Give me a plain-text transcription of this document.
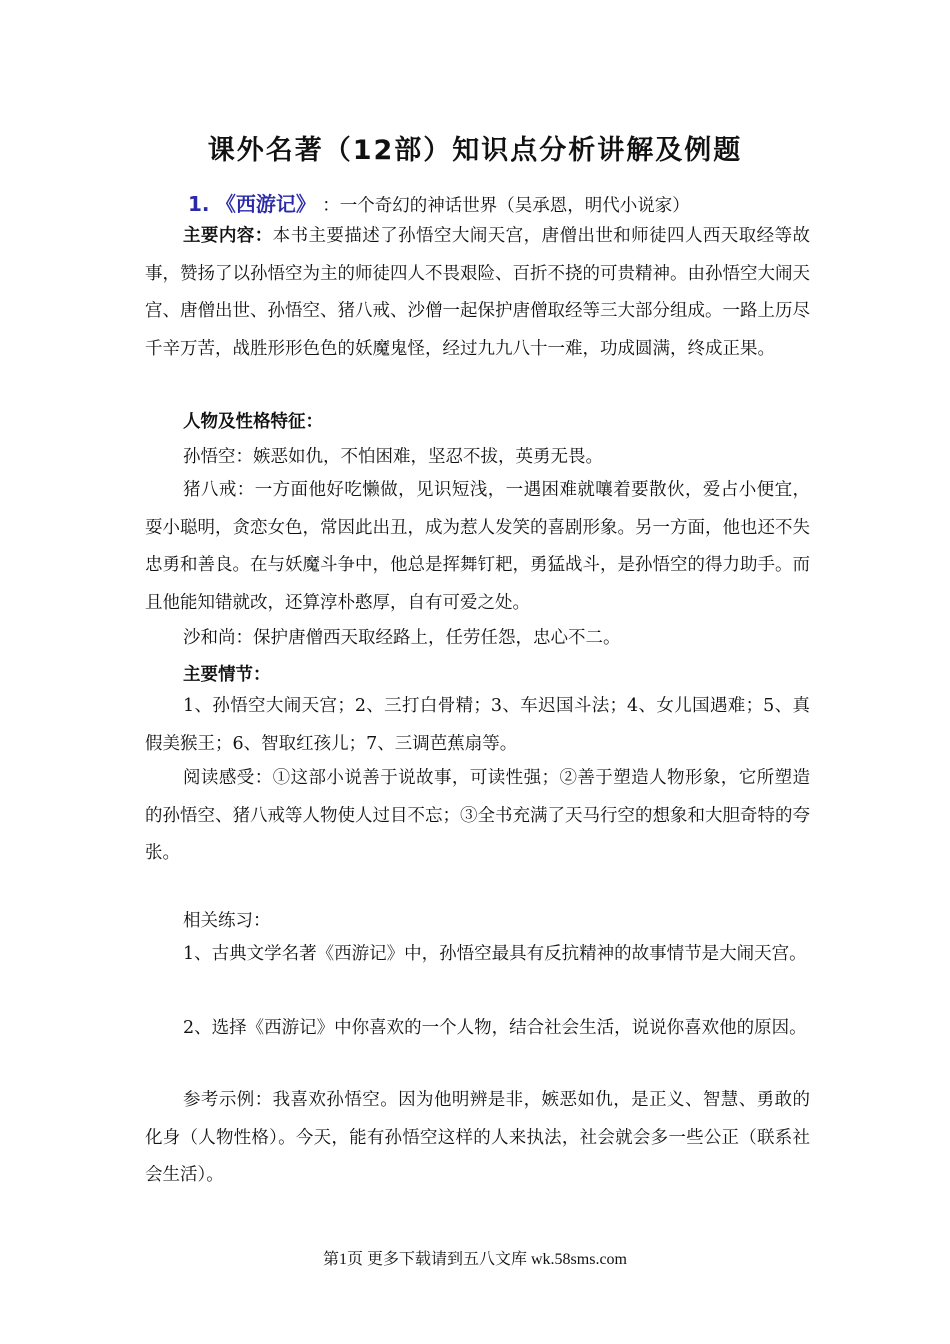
课外名著（12部）知识点分析讲解及例题
1. 《西游记》 ：一个奇幻的神话世界（吴承恩，明代小说家）
主要内容：本书主要描述了孙悟空大闹天宫，唐僧出世和师徒四人西天取经等故事，赞扬了以孙悟空为主的师徒四人不畏艰险、百折不挠的可贵精神。由孙悟空大闹天宫、唐僧出世、孙悟空、猪八戒、沙僧一起保护唐僧取经等三大部分组成。一路上历尽千辛万苦，战胜形形色色的妖魔鬼怪，经过九九八十一难，功成圆满，终成正果。
人物及性格特征：
孙悟空：嫉恶如仇，不怕困难，坚忍不拔，英勇无畏。
猪八戒：一方面他好吃懒做，见识短浅，一遇困难就嚷着要散伙，爱占小便宜，耍小聪明，贪恋女色，常因此出丑，成为惹人发笑的喜剧形象。另一方面，他也还不失忠勇和善良。在与妖魔斗争中，他总是挥舞钉耙，勇猛战斗，是孙悟空的得力助手。而且他能知错就改，还算淳朴憨厚，自有可爱之处。
沙和尚：保护唐僧西天取经路上，任劳任怨，忠心不二。
主要情节：
1、孙悟空大闹天宫；2、三打白骨精；3、车迟国斗法；4、女儿国遇难；5、真假美猴王；6、智取红孩儿；7、三调芭蕉扇等。
阅读感受：①这部小说善于说故事，可读性强；②善于塑造人物形象，它所塑造的孙悟空、猪八戒等人物使人过目不忘；③全书充满了天马行空的想象和大胆奇特的夸张。
相关练习：
1、古典文学名著《西游记》中，孙悟空最具有反抗精神的故事情节是大闹天宫。
2、选择《西游记》中你喜欢的一个人物，结合社会生活，说说你喜欢他的原因。
参考示例：我喜欢孙悟空。因为他明辨是非，嫉恶如仇，是正义、智慧、勇敢的化身（人物性格）。今天，能有孙悟空这样的人来执法，社会就会多一些公正（联系社会生活）。
第1页 更多下载请到五八文库 wk.58sms.com
